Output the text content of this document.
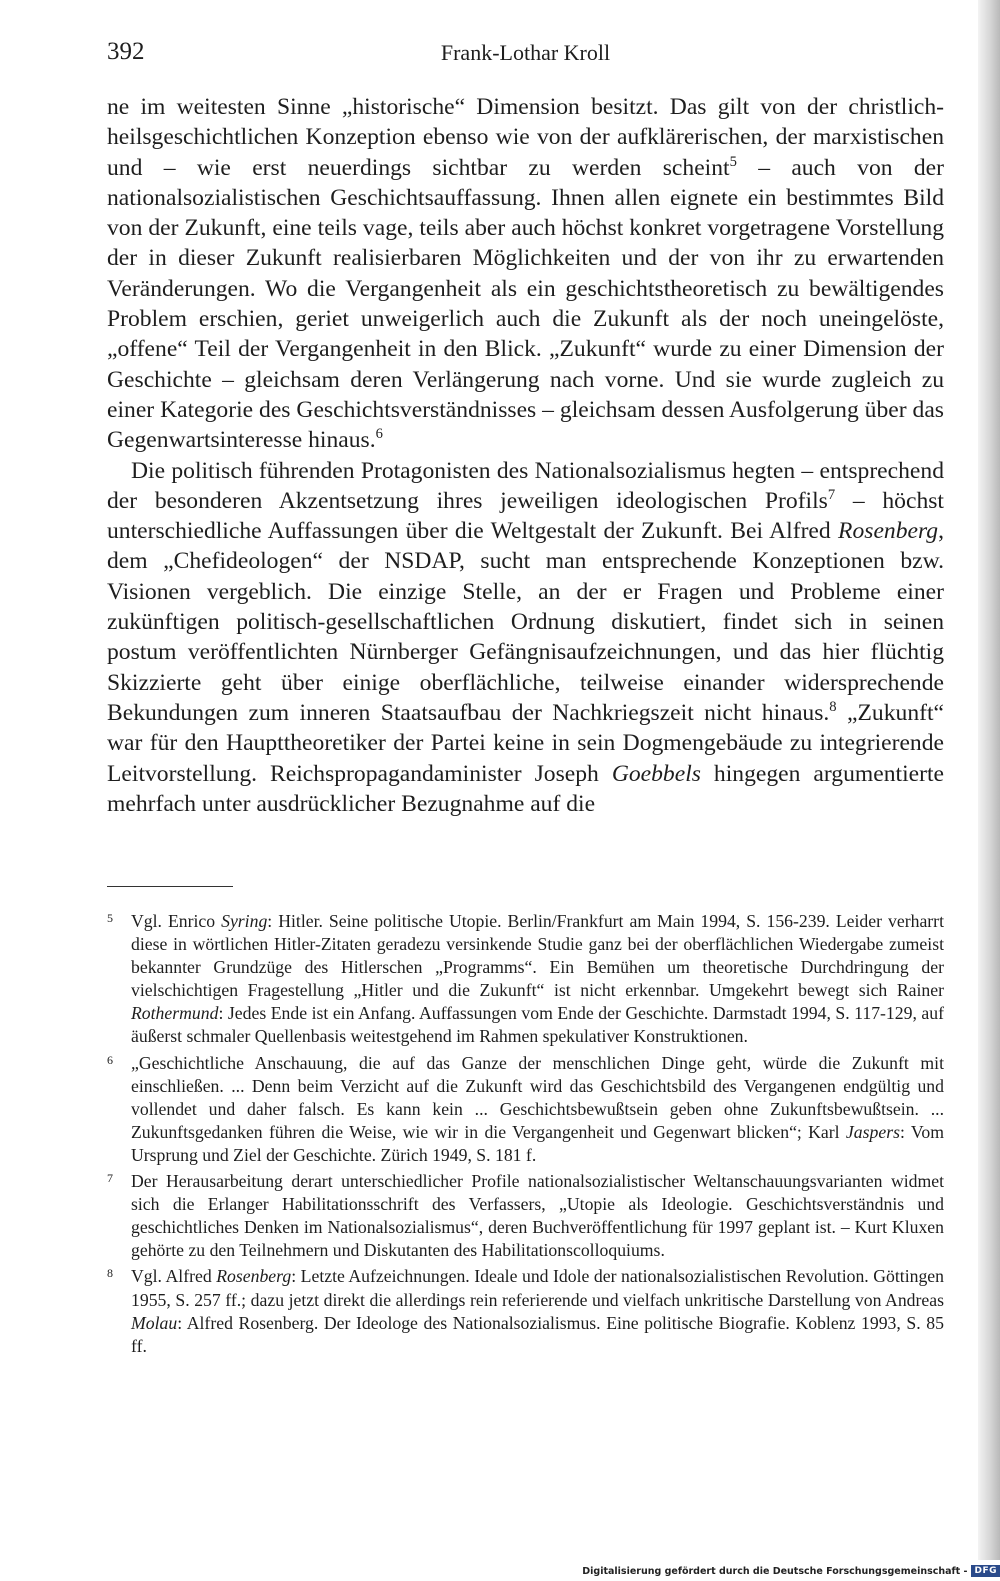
392	Frank-Lothar Kroll

ne im weitesten Sinne „historische“ Dimension besitzt. Das gilt von der christlich-heilsgeschichtlichen Konzeption ebenso wie von der aufklärerischen, der marxistischen und – wie erst neuerdings sichtbar zu werden scheint$^5$ – auch von der nationalsozialistischen Geschichtsauffassung. Ihnen allen eignete ein bestimmtes Bild von der Zukunft, eine teils vage, teils aber auch höchst konkret vorgetragene Vorstellung der in dieser Zukunft realisierbaren Möglichkeiten und der von ihr zu erwartenden Veränderungen. Wo die Vergangenheit als ein geschichtstheoretisch zu bewältigendes Problem erschien, geriet unweigerlich auch die Zukunft als der noch uneingelöste, „offene“ Teil der Vergangenheit in den Blick. „Zukunft“ wurde zu einer Dimension der Geschichte – gleichsam deren Verlängerung nach vorne. Und sie wurde zugleich zu einer Kategorie des Geschichtsverständnisses – gleichsam dessen Ausfolgerung über das Gegenwartsinteresse hinaus.$^6$

Die politisch führenden Protagonisten des Nationalsozialismus hegten – entsprechend der besonderen Akzentsetzung ihres jeweiligen ideologischen Profils$^7$ – höchst unterschiedliche Auffassungen über die Weltgestalt der Zukunft. Bei Alfred Rosenberg, dem „Chefideologen“ der NSDAP, sucht man entsprechende Konzeptionen bzw. Visionen vergeblich. Die einzige Stelle, an der er Fragen und Probleme einer zukünftigen politisch-gesellschaftlichen Ordnung diskutiert, findet sich in seinen postum veröffentlichten Nürnberger Gefängnisaufzeichnungen, und das hier flüchtig Skizzierte geht über einige oberflächliche, teilweise einander widersprechende Bekundungen zum inneren Staatsaufbau der Nachkriegszeit nicht hinaus.$^8$ „Zukunft“ war für den Haupttheoretiker der Partei keine in sein Dogmengebäude zu integrierende Leitvorstellung. Reichspropagandaminister Joseph Goebbels hingegen argumentierte mehrfach unter ausdrücklicher Bezugnahme auf die

5 Vgl. Enrico Syring: Hitler. Seine politische Utopie. Berlin/Frankfurt am Main 1994, S. 156-239. Leider verharrt diese in wörtlichen Hitler-Zitaten geradezu versinkende Studie ganz bei der oberflächlichen Wiedergabe zumeist bekannter Grundzüge des Hitlerschen „Programms“. Ein Bemühen um theoretische Durchdringung der vielschichtigen Fragestellung „Hitler und die Zukunft“ ist nicht erkennbar. Umgekehrt bewegt sich Rainer Rothermund: Jedes Ende ist ein Anfang. Auffassungen vom Ende der Geschichte. Darmstadt 1994, S. 117-129, auf äußerst schmaler Quellenbasis weitestgehend im Rahmen spekulativer Konstruktionen.
6 „Geschichtliche Anschauung, die auf das Ganze der menschlichen Dinge geht, würde die Zukunft mit einschließen. ... Denn beim Verzicht auf die Zukunft wird das Geschichtsbild des Vergangenen endgültig und vollendet und daher falsch. Es kann kein ... Geschichtsbewußtsein geben ohne Zukunftsbewußtsein. ... Zukunftsgedanken führen die Weise, wie wir in die Vergangenheit und Gegenwart blicken“; Karl Jaspers: Vom Ursprung und Ziel der Geschichte. Zürich 1949, S. 181 f.
7 Der Herausarbeitung derart unterschiedlicher Profile nationalsozialistischer Weltanschauungsvarianten widmet sich die Erlanger Habilitationsschrift des Verfassers, „Utopie als Ideologie. Geschichtsverständnis und geschichtliches Denken im Nationalsozialismus“, deren Buchveröffentlichung für 1997 geplant ist. – Kurt Kluxen gehörte zu den Teilnehmern und Diskutanten des Habilitationscolloquiums.
8 Vgl. Alfred Rosenberg: Letzte Aufzeichnungen. Ideale und Idole der nationalsozialistischen Revolution. Göttingen 1955, S. 257 ff.; dazu jetzt direkt die allerdings rein referierende und vielfach unkritische Darstellung von Andreas Molau: Alfred Rosenberg. Der Ideologe des Nationalsozialismus. Eine politische Biografie. Koblenz 1993, S. 85 ff.
Digitalisierung gefördert durch die Deutsche Forschungsgemeinschaft - DFG
